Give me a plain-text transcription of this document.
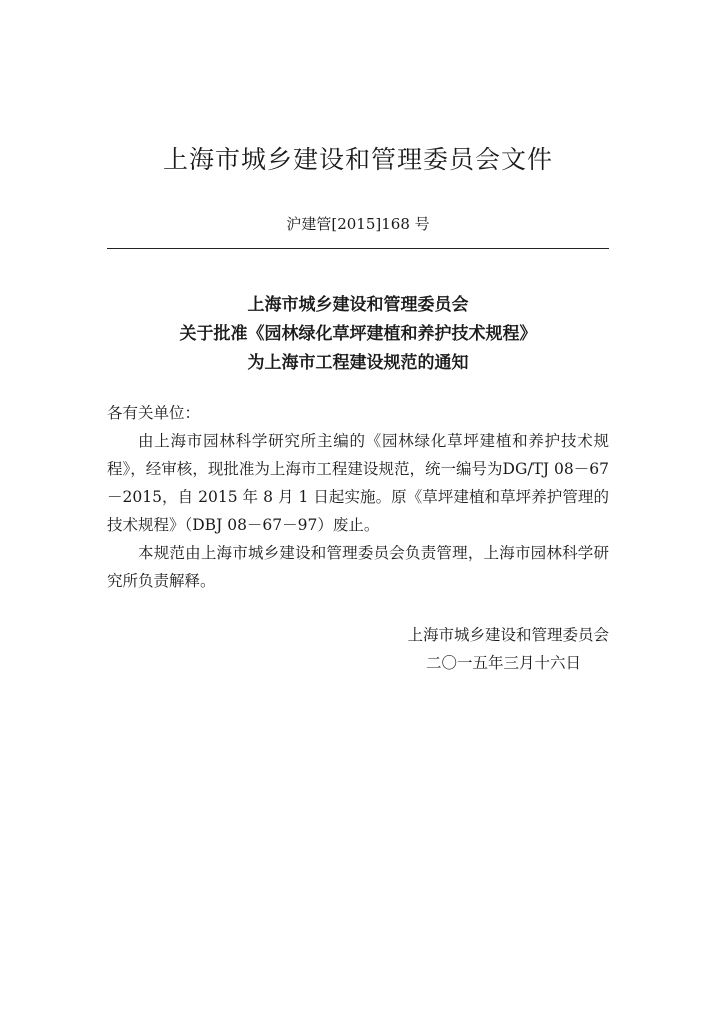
上海市城乡建设和管理委员会文件
沪建管[2015]168 号
上海市城乡建设和管理委员会
关于批准《园林绿化草坪建植和养护技术规程》
为上海市工程建设规范的通知

各有关单位：

由上海市园林科学研究所主编的《园林绿化草坪建植和养护技术规程》，经审核，现批准为上海市工程建设规范，统一编号为DG/TJ 08－67－2015，自 2015 年 8 月 1 日起实施。原《草坪建植和草坪养护管理的技术规程》（DBJ 08－67－97）废止。

本规范由上海市城乡建设和管理委员会负责管理，上海市园林科学研究所负责解释。

上海市城乡建设和管理委员会
二〇一五年三月十六日
